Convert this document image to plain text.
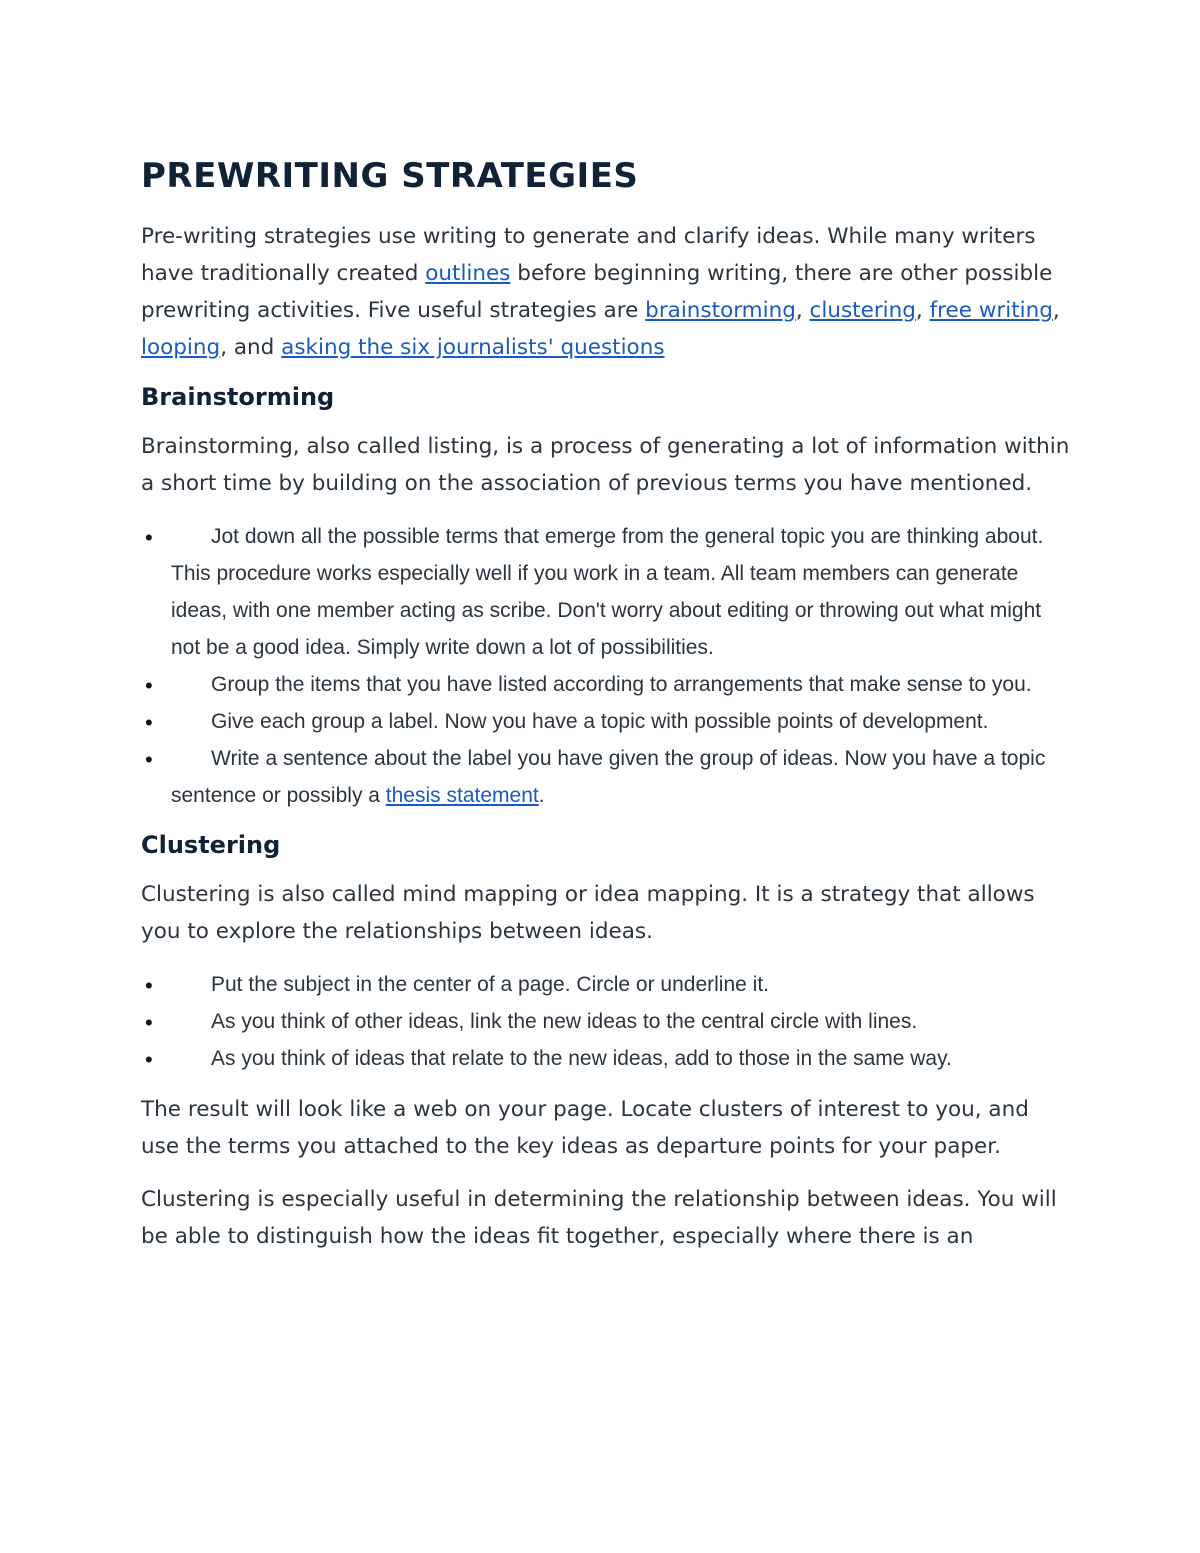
PREWRITING STRATEGIES

Pre-writing strategies use writing to generate and clarify ideas. While many writers have traditionally created outlines before beginning writing, there are other possible prewriting activities. Five useful strategies are brainstorming, clustering, free writing, looping, and asking the six journalists' questions

Brainstorming

Brainstorming, also called listing, is a process of generating a lot of information within a short time by building on the association of previous terms you have mentioned.

•	Jot down all the possible terms that emerge from the general topic you are thinking about. This procedure works especially well if you work in a team. All team members can generate ideas, with one member acting as scribe. Don't worry about editing or throwing out what might not be a good idea. Simply write down a lot of possibilities.
•	Group the items that you have listed according to arrangements that make sense to you.
•	Give each group a label. Now you have a topic with possible points of development.
•	Write a sentence about the label you have given the group of ideas. Now you have a topic sentence or possibly a thesis statement.
Clustering

Clustering is also called mind mapping or idea mapping. It is a strategy that allows you to explore the relationships between ideas.

•	Put the subject in the center of a page. Circle or underline it.
•	As you think of other ideas, link the new ideas to the central circle with lines.
•	As you think of ideas that relate to the new ideas, add to those in the same way.

The result will look like a web on your page. Locate clusters of interest to you, and use the terms you attached to the key ideas as departure points for your paper.

Clustering is especially useful in determining the relationship between ideas. You will be able to distinguish how the ideas fit together, especially where there is an
